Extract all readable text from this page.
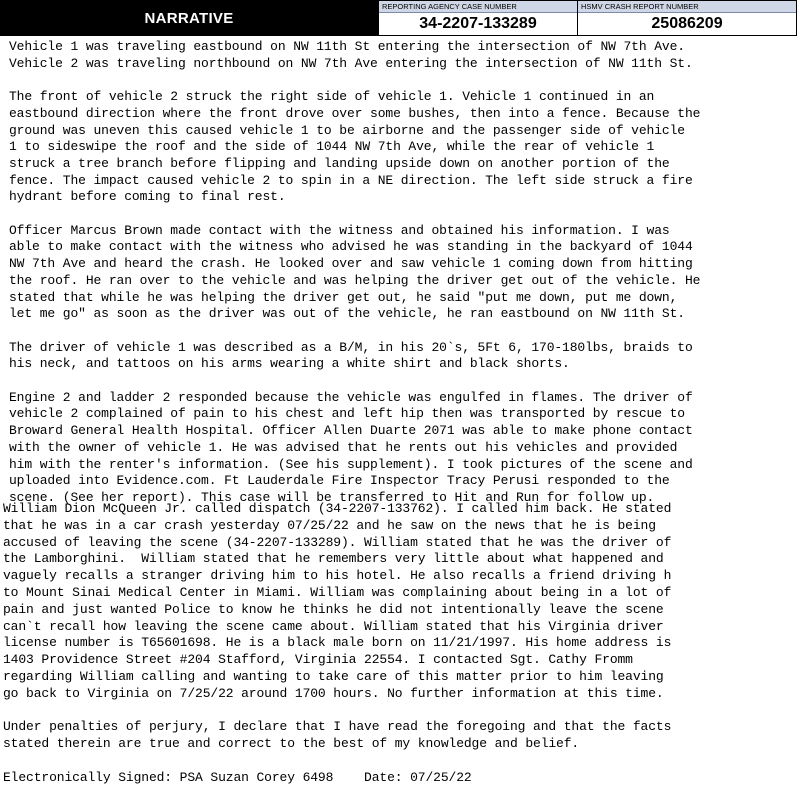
NARRATIVE
REPORTING AGENCY CASE NUMBER
34-2207-133289
HSMV CRASH REPORT NUMBER
25086209
Vehicle 1 was traveling eastbound on NW 11th St entering the intersection of NW 7th Ave.
Vehicle 2 was traveling northbound on NW 7th Ave entering the intersection of NW 11th St.

The front of vehicle 2 struck the right side of vehicle 1. Vehicle 1 continued in an
eastbound direction where the front drove over some bushes, then into a fence. Because the
ground was uneven this caused vehicle 1 to be airborne and the passenger side of vehicle
1 to sideswipe the roof and the side of 1044 NW 7th Ave, while the rear of vehicle 1
struck a tree branch before flipping and landing upside down on another portion of the
fence. The impact caused vehicle 2 to spin in a NE direction. The left side struck a fire
hydrant before coming to final rest.

Officer Marcus Brown made contact with the witness and obtained his information. I was
able to make contact with the witness who advised he was standing in the backyard of 1044
NW 7th Ave and heard the crash. He looked over and saw vehicle 1 coming down from hitting
the roof. He ran over to the vehicle and was helping the driver get out of the vehicle. He
stated that while he was helping the driver get out, he said "put me down, put me down,
let me go" as soon as the driver was out of the vehicle, he ran eastbound on NW 11th St.

The driver of vehicle 1 was described as a B/M, in his 20`s, 5Ft 6, 170-180lbs, braids to
his neck, and tattoos on his arms wearing a white shirt and black shorts.

Engine 2 and ladder 2 responded because the vehicle was engulfed in flames. The driver of
vehicle 2 complained of pain to his chest and left hip then was transported by rescue to
Broward General Health Hospital. Officer Allen Duarte 2071 was able to make phone contact
with the owner of vehicle 1. He was advised that he rents out his vehicles and provided
him with the renter's information. (See his supplement). I took pictures of the scene and
uploaded into Evidence.com. Ft Lauderdale Fire Inspector Tracy Perusi responded to the
scene. (See her report). This case will be transferred to Hit and Run for follow up.
William Dion McQueen Jr. called dispatch (34-2207-133762). I called him back. He stated
that he was in a car crash yesterday 07/25/22 and he saw on the news that he is being
accused of leaving the scene (34-2207-133289). William stated that he was the driver of
the Lamborghini.  William stated that he remembers very little about what happened and
vaguely recalls a stranger driving him to his hotel. He also recalls a friend driving h
to Mount Sinai Medical Center in Miami. William was complaining about being in a lot of
pain and just wanted Police to know he thinks he did not intentionally leave the scene
can`t recall how leaving the scene came about. William stated that his Virginia driver
license number is T65601698. He is a black male born on 11/21/1997. His home address is
1403 Providence Street #204 Stafford, Virginia 22554. I contacted Sgt. Cathy Fromm
regarding William calling and wanting to take care of this matter prior to him leaving
go back to Virginia on 7/25/22 around 1700 hours. No further information at this time.

Under penalties of perjury, I declare that I have read the foregoing and that the facts
stated therein are true and correct to the best of my knowledge and belief.

Electronically Signed: PSA Suzan Corey 6498    Date: 07/25/22
